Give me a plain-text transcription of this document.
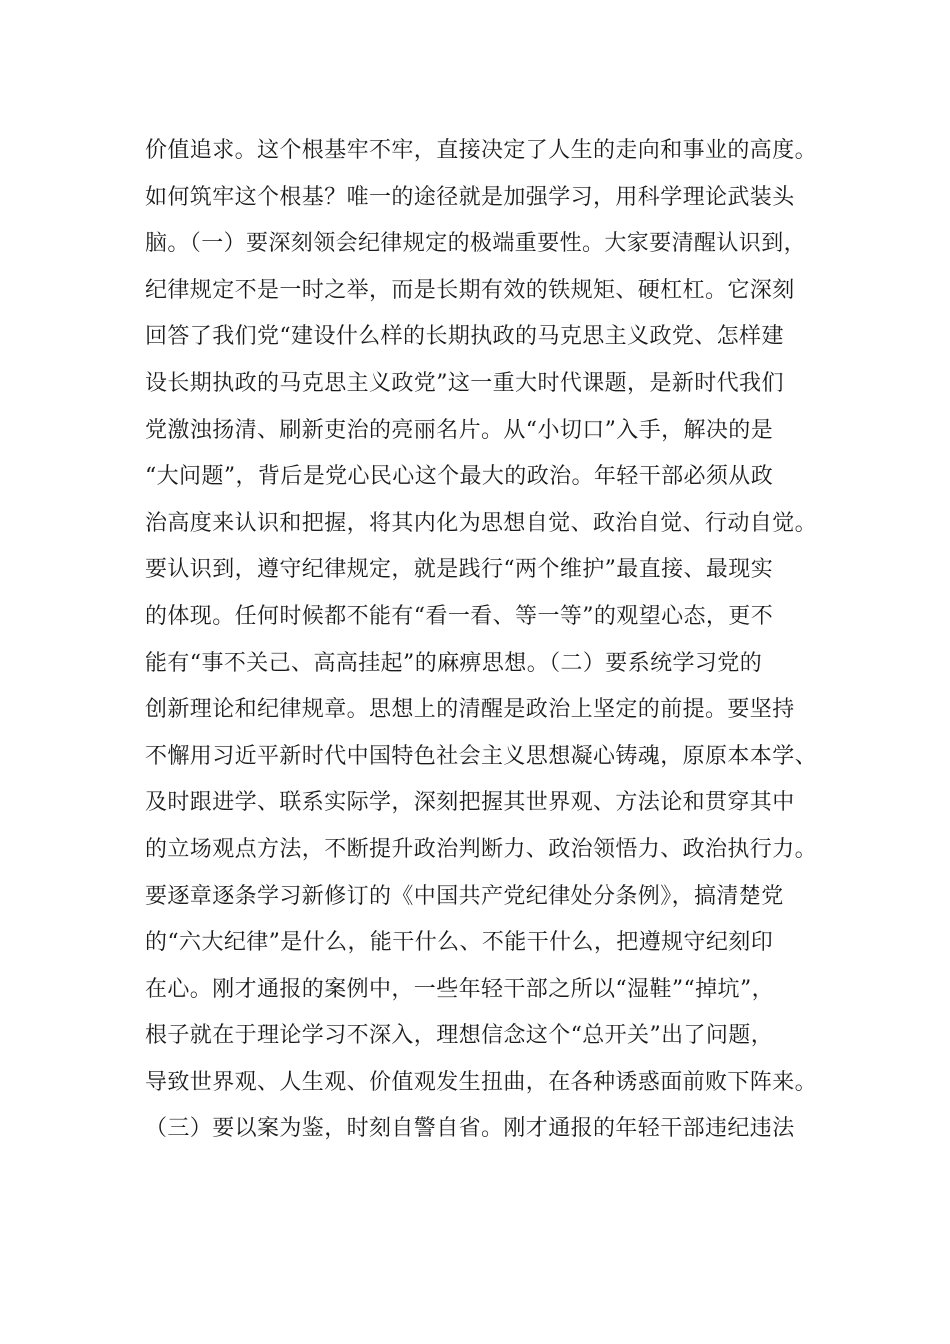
价值追求。这个根基牢不牢，直接决定了人生的走向和事业的高度。
如何筑牢这个根基？唯一的途径就是加强学习，用科学理论武装头
脑。（一）要深刻领会纪律规定的极端重要性。大家要清醒认识到，
纪律规定不是一时之举，而是长期有效的铁规矩、硬杠杠。它深刻
回答了我们党“建设什么样的长期执政的马克思主义政党、怎样建
设长期执政的马克思主义政党”这一重大时代课题，是新时代我们
党激浊扬清、刷新吏治的亮丽名片。从“小切口”入手，解决的是
“大问题”，背后是党心民心这个最大的政治。年轻干部必须从政
治高度来认识和把握，将其内化为思想自觉、政治自觉、行动自觉。
要认识到，遵守纪律规定，就是践行“两个维护”最直接、最现实
的体现。任何时候都不能有“看一看、等一等”的观望心态，更不
能有“事不关己、高高挂起”的麻痹思想。（二）要系统学习党的
创新理论和纪律规章。思想上的清醒是政治上坚定的前提。要坚持
不懈用习近平新时代中国特色社会主义思想凝心铸魂，原原本本学、
及时跟进学、联系实际学，深刻把握其世界观、方法论和贯穿其中
的立场观点方法，不断提升政治判断力、政治领悟力、政治执行力。
要逐章逐条学习新修订的《中国共产党纪律处分条例》，搞清楚党
的“六大纪律”是什么，能干什么、不能干什么，把遵规守纪刻印
在心。刚才通报的案例中，一些年轻干部之所以“湿鞋”“掉坑”，
根子就在于理论学习不深入，理想信念这个“总开关”出了问题，
导致世界观、人生观、价值观发生扭曲，在各种诱惑面前败下阵来。
（三）要以案为鉴，时刻自警自省。刚才通报的年轻干部违纪违法
